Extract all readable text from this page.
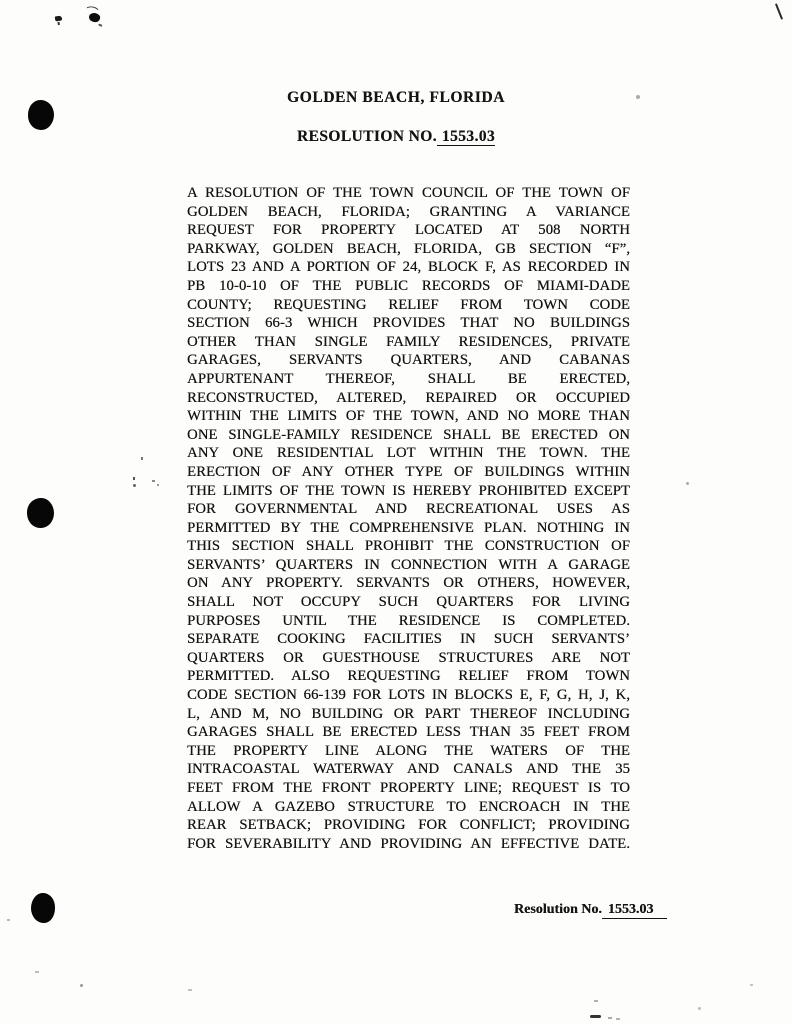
GOLDEN BEACH, FLORIDA
RESOLUTION NO. 1553.03
A RESOLUTION OF THE TOWN COUNCIL OF THE TOWN OF
GOLDEN BEACH, FLORIDA; GRANTING A VARIANCE
REQUEST FOR PROPERTY LOCATED AT 508 NORTH
PARKWAY, GOLDEN BEACH, FLORIDA, GB SECTION “F”,
LOTS 23 AND A PORTION OF 24, BLOCK F, AS RECORDED IN
PB 10-0-10 OF THE PUBLIC RECORDS OF MIAMI-DADE
COUNTY; REQUESTING RELIEF FROM TOWN CODE
SECTION 66-3 WHICH PROVIDES THAT NO BUILDINGS
OTHER THAN SINGLE FAMILY RESIDENCES, PRIVATE
GARAGES, SERVANTS QUARTERS, AND CABANAS
APPURTENANT THEREOF, SHALL BE ERECTED,
RECONSTRUCTED, ALTERED, REPAIRED OR OCCUPIED
WITHIN THE LIMITS OF THE TOWN, AND NO MORE THAN
ONE SINGLE-FAMILY RESIDENCE SHALL BE ERECTED ON
ANY ONE RESIDENTIAL LOT WITHIN THE TOWN. THE
ERECTION OF ANY OTHER TYPE OF BUILDINGS WITHIN
THE LIMITS OF THE TOWN IS HEREBY PROHIBITED EXCEPT
FOR GOVERNMENTAL AND RECREATIONAL USES AS
PERMITTED BY THE COMPREHENSIVE PLAN. NOTHING IN
THIS SECTION SHALL PROHIBIT THE CONSTRUCTION OF
SERVANTS’ QUARTERS IN CONNECTION WITH A GARAGE
ON ANY PROPERTY. SERVANTS OR OTHERS, HOWEVER,
SHALL NOT OCCUPY SUCH QUARTERS FOR LIVING
PURPOSES UNTIL THE RESIDENCE IS COMPLETED.
SEPARATE COOKING FACILITIES IN SUCH SERVANTS’
QUARTERS OR GUESTHOUSE STRUCTURES ARE NOT
PERMITTED. ALSO REQUESTING RELIEF FROM TOWN
CODE SECTION 66-139 FOR LOTS IN BLOCKS E, F, G, H, J, K,
L, AND M, NO BUILDING OR PART THEREOF INCLUDING
GARAGES SHALL BE ERECTED LESS THAN 35 FEET FROM
THE PROPERTY LINE ALONG THE WATERS OF THE
INTRACOASTAL WATERWAY AND CANALS AND THE 35
FEET FROM THE FRONT PROPERTY LINE; REQUEST IS TO
ALLOW A GAZEBO STRUCTURE TO ENCROACH IN THE
REAR SETBACK; PROVIDING FOR CONFLICT; PROVIDING
FOR SEVERABILITY AND PROVIDING AN EFFECTIVE DATE.
Resolution No. 1553.03
